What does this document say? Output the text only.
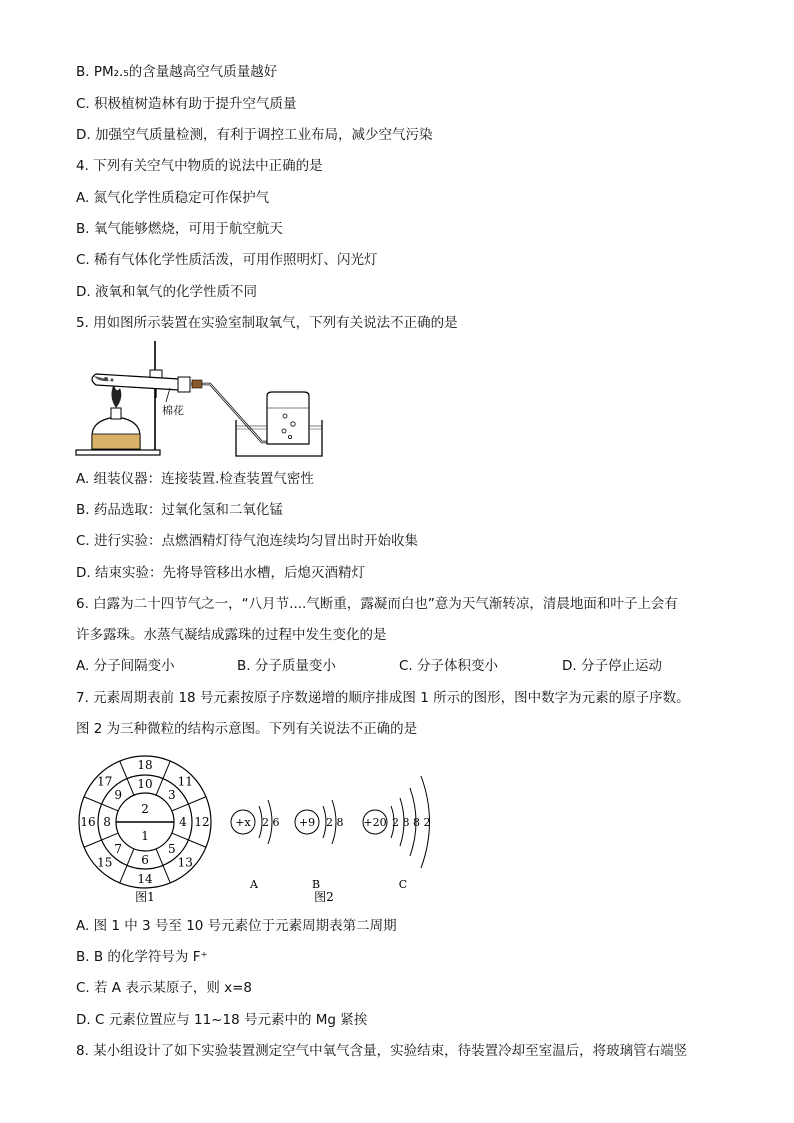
B. PM₂.₅的含量越高空气质量越好
C. 积极植树造林有助于提升空气质量
D. 加强空气质量检测，有利于调控工业布局，减少空气污染
4. 下列有关空气中物质的说法中正确的是
A. 氮气化学性质稳定可作保护气
B. 氧气能够燃烧，可用于航空航天
C. 稀有气体化学性质活泼，可用作照明灯、闪光灯
D. 液氧和氧气的化学性质不同
5. 用如图所示装置在实验室制取氧气，下列有关说法不正确的是
A. 组装仪器：连接装置.检查装置气密性
B. 药品选取：过氧化氢和二氧化锰
C. 进行实验：点燃酒精灯待气泡连续均匀冒出时开始收集
D. 结束实验：先将导管移出水槽，后熄灭酒精灯
6. 白露为二十四节气之一，“八月节....气断重，露凝而白也”意为天气渐转凉，清晨地面和叶子上会有
许多露珠。水蒸气凝结成露珠的过程中发生变化的是
A. 分子间隔变小	B. 分子质量变小	C. 分子体积变小	D. 分子停止运动
7. 元素周期表前 18 号元素按原子序数递增的顺序排成图 1 所示的图形，图中数字为元素的原子序数。
图 2 为三种微粒的结构示意图。下列有关说法不正确的是
A. 图 1 中 3 号至 10 号元素位于元素周期表第二周期
B. B 的化学符号为 F⁺
C. 若 A 表示某原子，则 x=8
D. C 元素位置应与 11~18 号元素中的 Mg 紧挨
8. 某小组设计了如下实验装置测定空气中氧气含量，实验结束，待装置冷却至室温后，将玻璃管右端竖
棉花
2
1
10
3
4
5
6
7
8
9
18
11
12
13
14
15
16
17
图1
+x 2 6
A
+9 2 8
B
+20 2 8 8 2
C
图2
